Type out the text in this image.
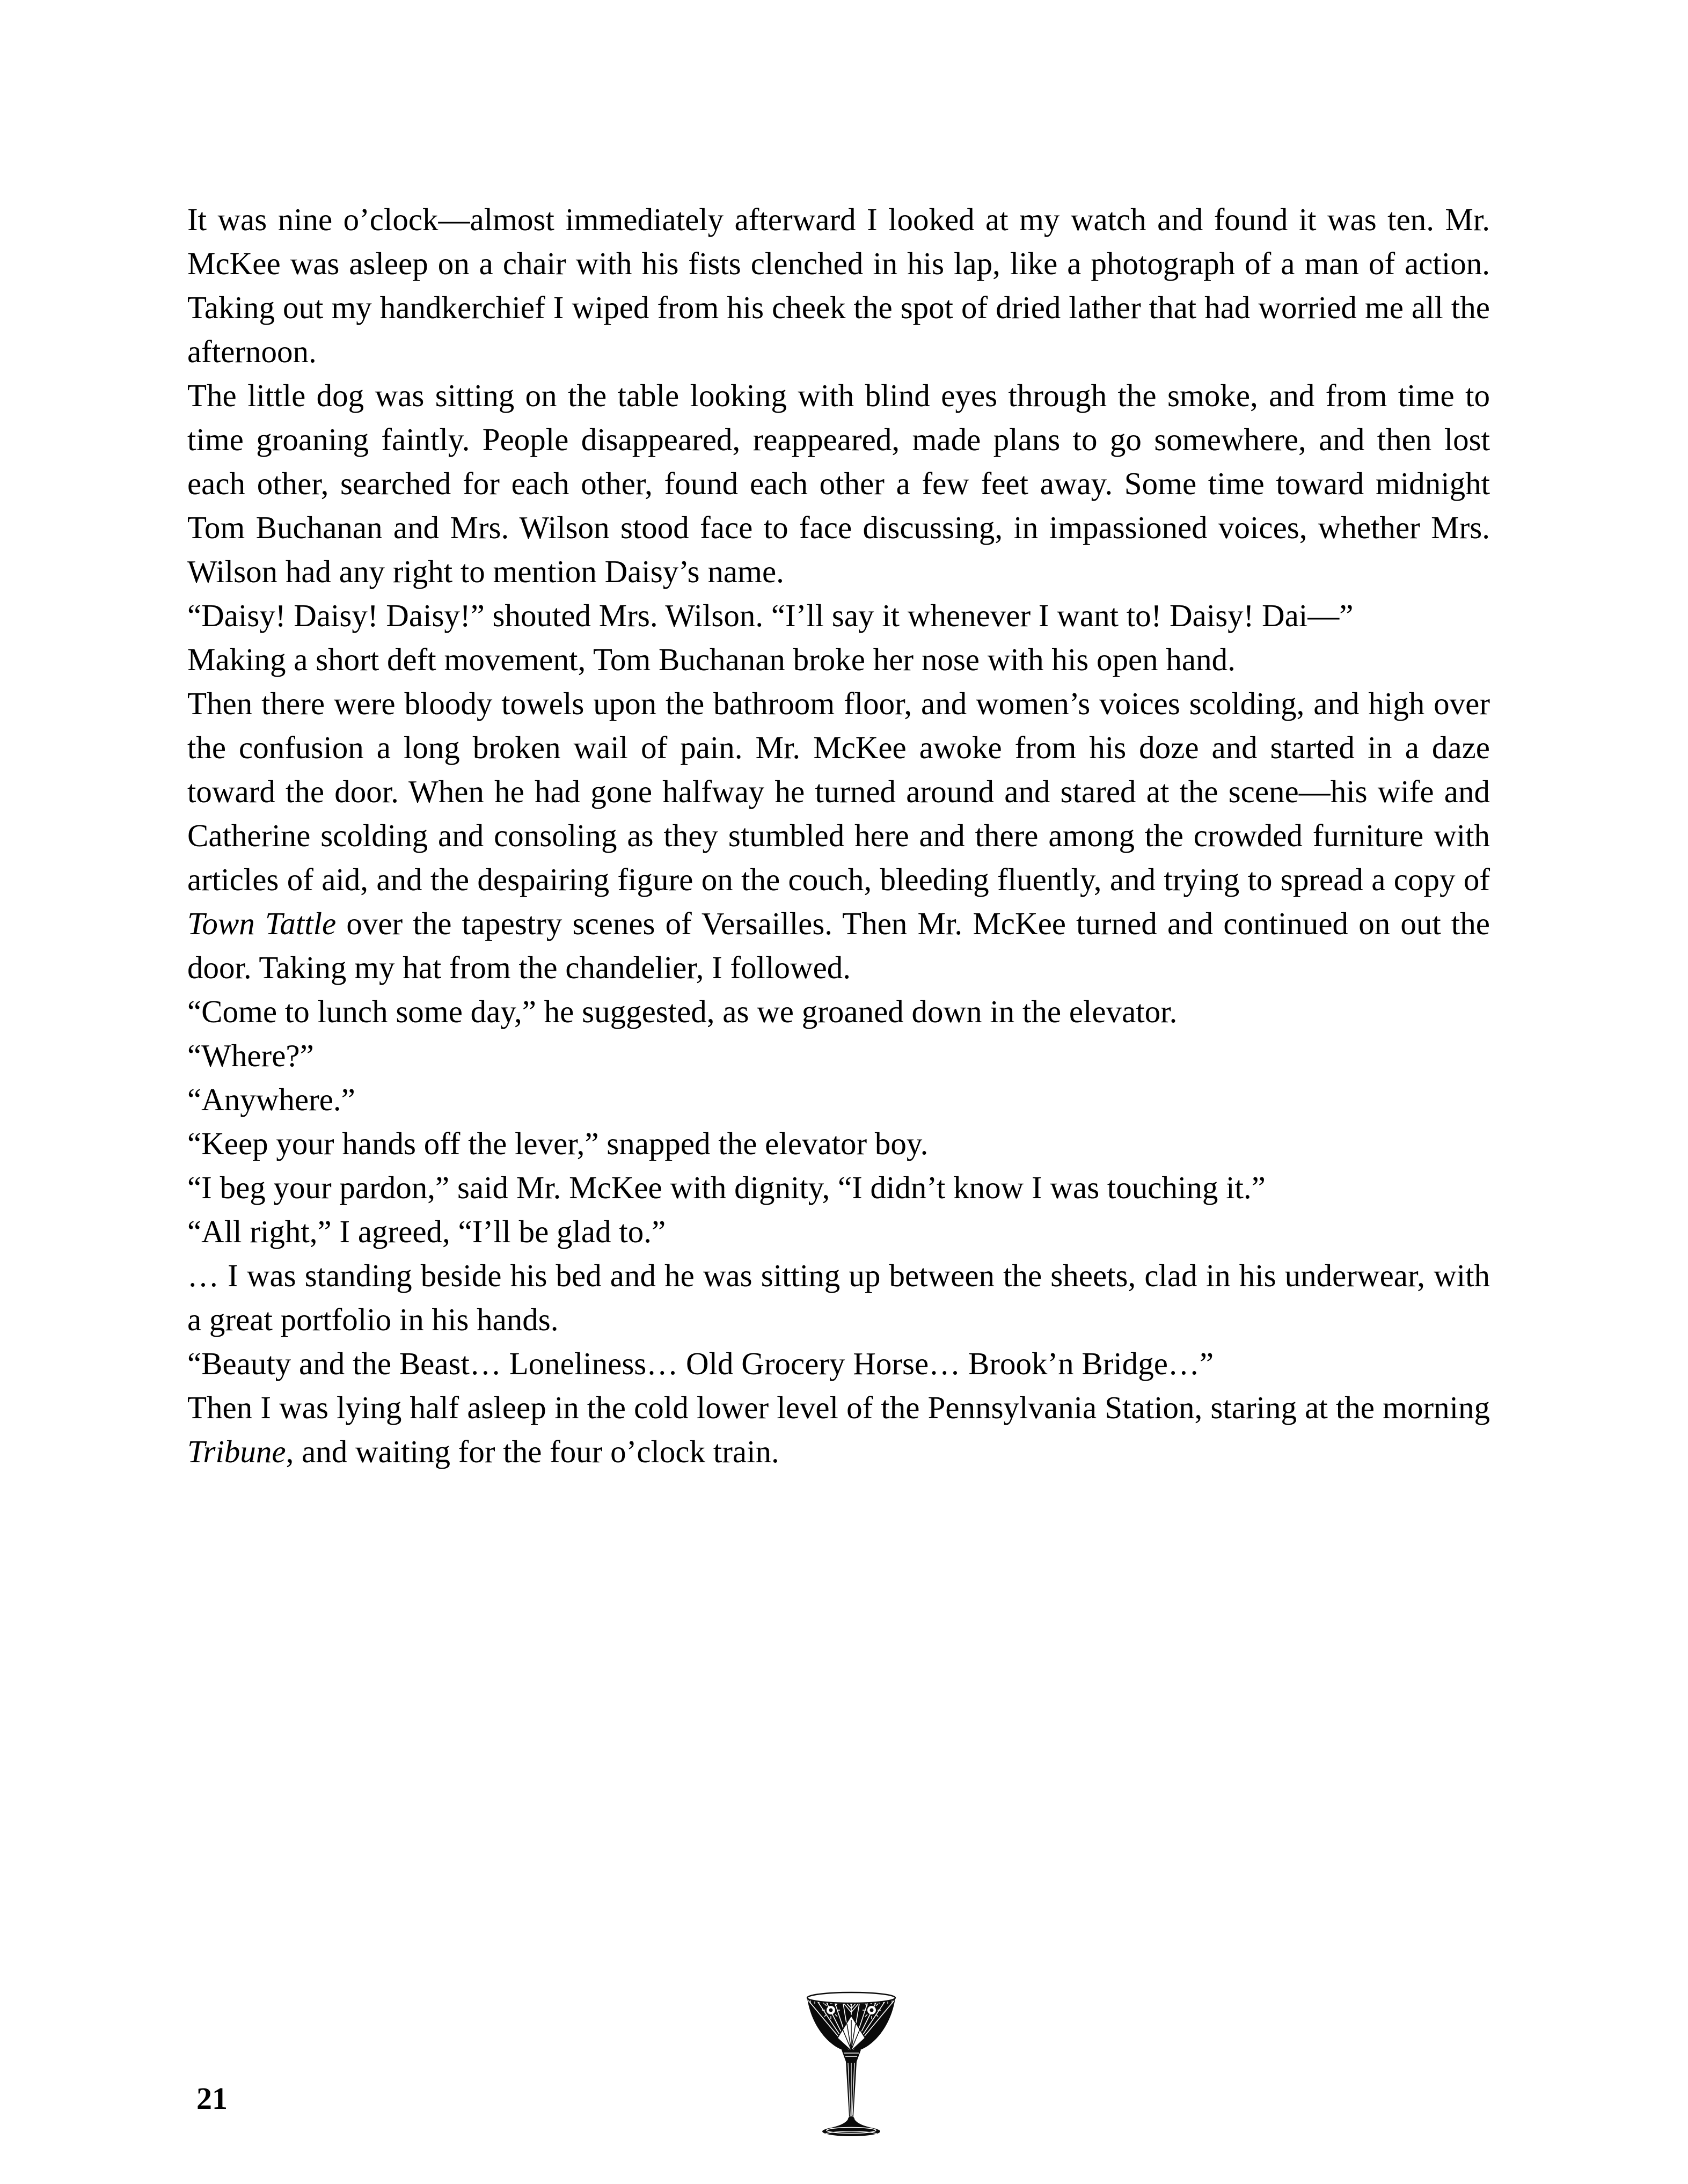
It was nine o’clock—almost immediately afterward I looked at my watch and found it was ten. Mr. McKee was asleep on a chair with his fists clenched in his lap, like a photograph of a man of action. Taking out my handkerchief I wiped from his cheek the spot of dried lather that had worried me all the afternoon.

The little dog was sitting on the table looking with blind eyes through the smoke, and from time to time groaning faintly. People disappeared, reappeared, made plans to go somewhere, and then lost each other, searched for each other, found each other a few feet away. Some time toward midnight Tom Buchanan and Mrs. Wilson stood face to face discussing, in impassioned voices, whether Mrs. Wilson had any right to mention Daisy’s name.

“Daisy! Daisy! Daisy!” shouted Mrs. Wilson. “I’ll say it whenever I want to! Daisy! Dai—”

Making a short deft movement, Tom Buchanan broke her nose with his open hand.

Then there were bloody towels upon the bathroom floor, and women’s voices scolding, and high over the confusion a long broken wail of pain. Mr. McKee awoke from his doze and started in a daze toward the door. When he had gone halfway he turned around and stared at the scene—his wife and Catherine scolding and consoling as they stumbled here and there among the crowded furniture with articles of aid, and the despairing figure on the couch, bleeding fluently, and trying to spread a copy of Town Tattle over the tapestry scenes of Versailles. Then Mr. McKee turned and continued on out the door. Taking my hat from the chandelier, I followed.

“Come to lunch some day,” he suggested, as we groaned down in the elevator.

“Where?”

“Anywhere.”

“Keep your hands off the lever,” snapped the elevator boy.

“I beg your pardon,” said Mr. McKee with dignity, “I didn’t know I was touching it.”

“All right,” I agreed, “I’ll be glad to.”

… I was standing beside his bed and he was sitting up between the sheets, clad in his underwear, with a great portfolio in his hands.

“Beauty and the Beast… Loneliness… Old Grocery Horse… Brook’n Bridge…”

Then I was lying half asleep in the cold lower level of the Pennsylvania Station, staring at the morning Tribune, and waiting for the four o’clock train.

21
